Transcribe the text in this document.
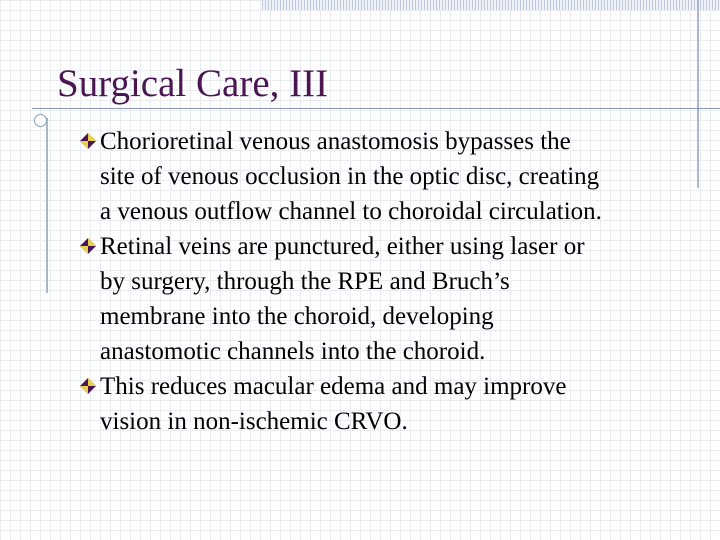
Surgical Care, III
Chorioretinal venous anastomosis bypasses the
site of venous occlusion in the optic disc, creating
a venous outflow channel to choroidal circulation.
Retinal veins are punctured, either using laser or
by surgery, through the RPE and Bruch’s
membrane into the choroid, developing
anastomotic channels into the choroid.
This reduces macular edema and may improve
vision in non-ischemic CRVO.
